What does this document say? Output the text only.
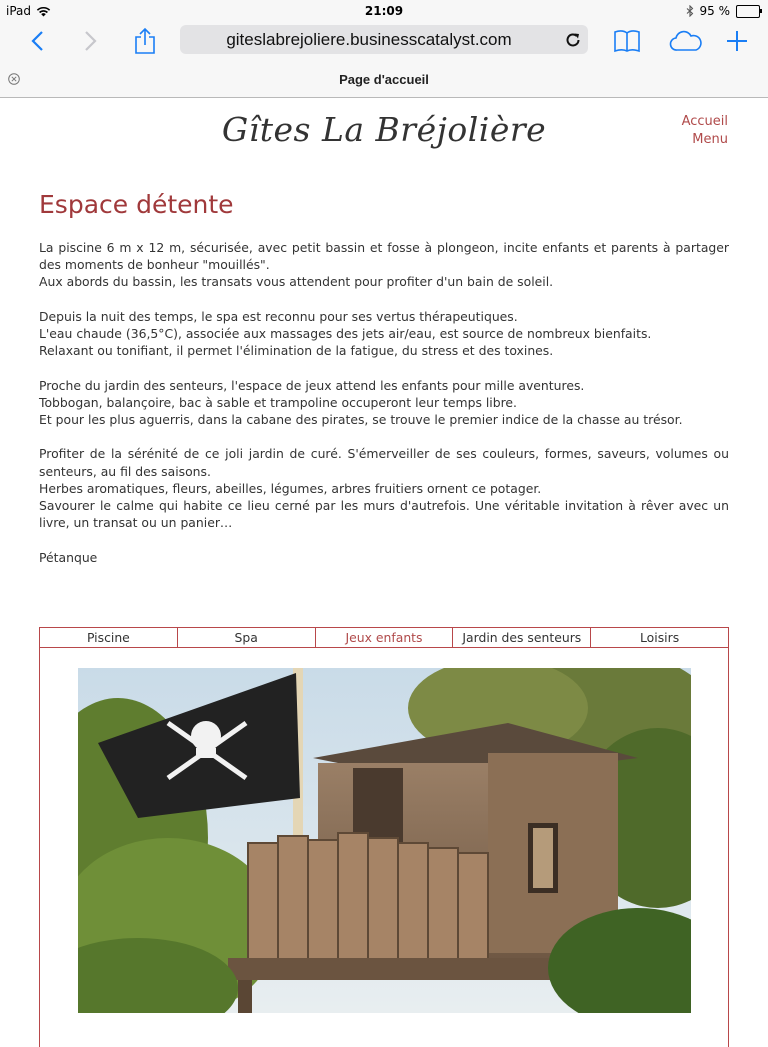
iPad	21:09	95 %
giteslabrejoliere.businesscatalyst.com
Page d'accueil
Gîtes La Bréjolière	Accueil
Menu
Espace détente

La piscine 6 m x 12 m, sécurisée, avec petit bassin et fosse à plongeon, incite enfants et parents à partager des moments de bonheur "mouillés".
Aux abords du bassin, les transats vous attendent pour profiter d'un bain de soleil.

Depuis la nuit des temps, le spa est reconnu pour ses vertus thérapeutiques.
L'eau chaude (36,5°C), associée aux massages des jets air/eau, est source de nombreux bienfaits.
Relaxant ou tonifiant, il permet l'élimination de la fatigue, du stress et des toxines.

Proche du jardin des senteurs, l'espace de jeux attend les enfants pour mille aventures.
Tobbogan, balançoire, bac à sable et trampoline occuperont leur temps libre.
Et pour les plus aguerris, dans la cabane des pirates, se trouve le premier indice de la chasse au trésor.

Profiter de la sérénité de ce joli jardin de curé. S'émerveiller de ses couleurs, formes, saveurs, volumes ou senteurs, au fil des saisons.
Herbes aromatiques, fleurs, abeilles, légumes, arbres fruitiers ornent ce potager.
Savourer le calme qui habite ce lieu cerné par les murs d'autrefois. Une véritable invitation à rêver avec un livre, un transat ou un panier…

Pétanque

Piscine	Spa	Jeux enfants	Jardin des senteurs	Loisirs
